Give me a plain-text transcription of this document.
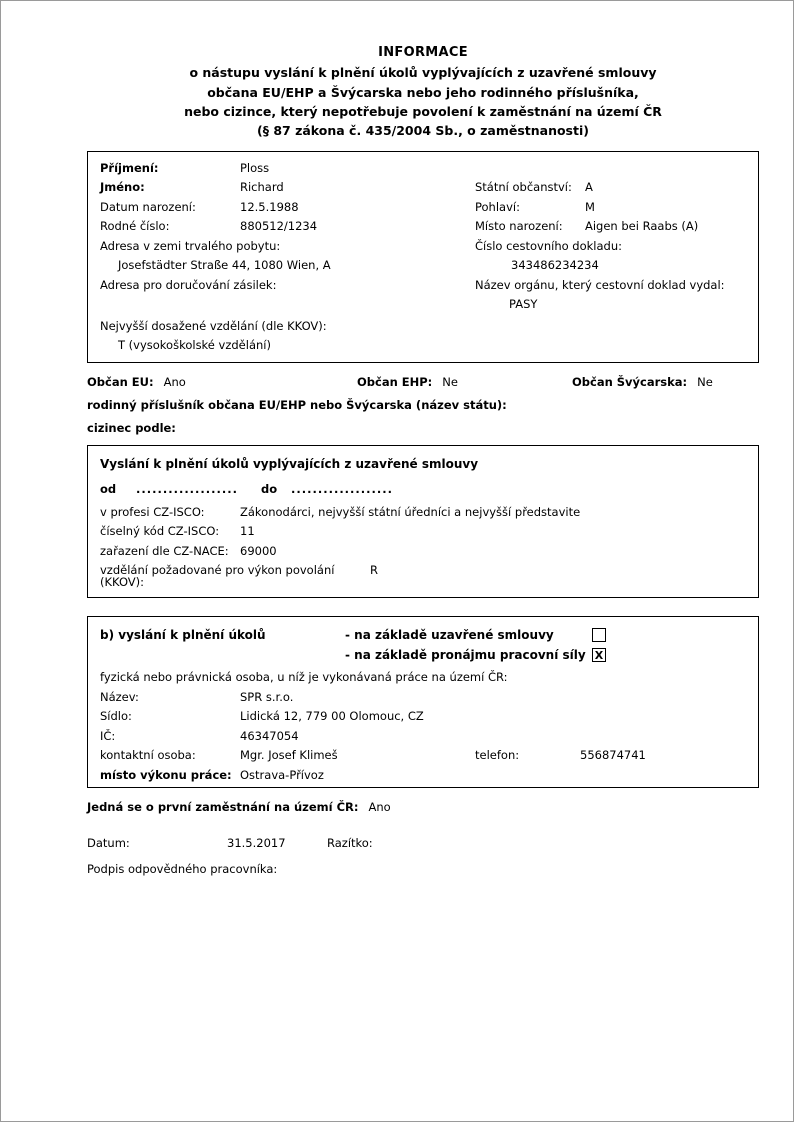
INFORMACE
o nástupu vyslání k plnění úkolů vyplývajících z uzavřené smlouvy
občana EU/EHP a Švýcarska nebo jeho rodinného příslušníka,
nebo cizince, který nepotřebuje povolení k zaměstnání na území ČR
(§ 87 zákona č. 435/2004 Sb., o zaměstnanosti)
Příjmení:	Ploss
Jméno:	Richard	Státní občanství:	A
Datum narození:	12.5.1988	Pohlaví:	M
Rodné číslo:	880512/1234	Místo narození:	Aigen bei Raabs (A)
Adresa v zemi trvalého pobytu:	Číslo cestovního dokladu:
Josefstädter Straße 44, 1080 Wien, A	343486234234
Adresa pro doručování zásilek:	Název orgánu, který cestovní doklad vydal:
PASY
Nejvyšší dosažené vzdělání (dle KKOV):
T (vysokoškolské vzdělání)
Občan EU: Ano	Občan EHP: Ne	Občan Švýcarska: Ne
rodinný příslušník občana EU/EHP nebo Švýcarska (název státu):
cizinec podle:
Vyslání k plnění úkolů vyplývajících z uzavřené smlouvy
od	...................	do	...................
v profesi CZ-ISCO:	Zákonodárci, nejvyšší státní úředníci a nejvyšší představite
číselný kód CZ-ISCO:	11
zařazení dle CZ-NACE: 69000
vzdělání požadované pro výkon povolání (KKOV):
R
b) vyslání k plnění úkolů	- na základě uzavřené smlouvy
- na základě pronájmu pracovní síly X
fyzická nebo právnická osoba, u níž je vykonávaná práce na území ČR:
Název:	SPR s.r.o.
Sídlo:	Lidická 12, 779 00 Olomouc, CZ
IČ:	46347054
kontaktní osoba:	Mgr. Josef Klimeš	telefon:	556874741
místo výkonu práce: Ostrava-Přívoz
Jedná se o první zaměstnání na území ČR: Ano
Datum:	31.5.2017	Razítko:
Podpis odpovědného pracovníka:
